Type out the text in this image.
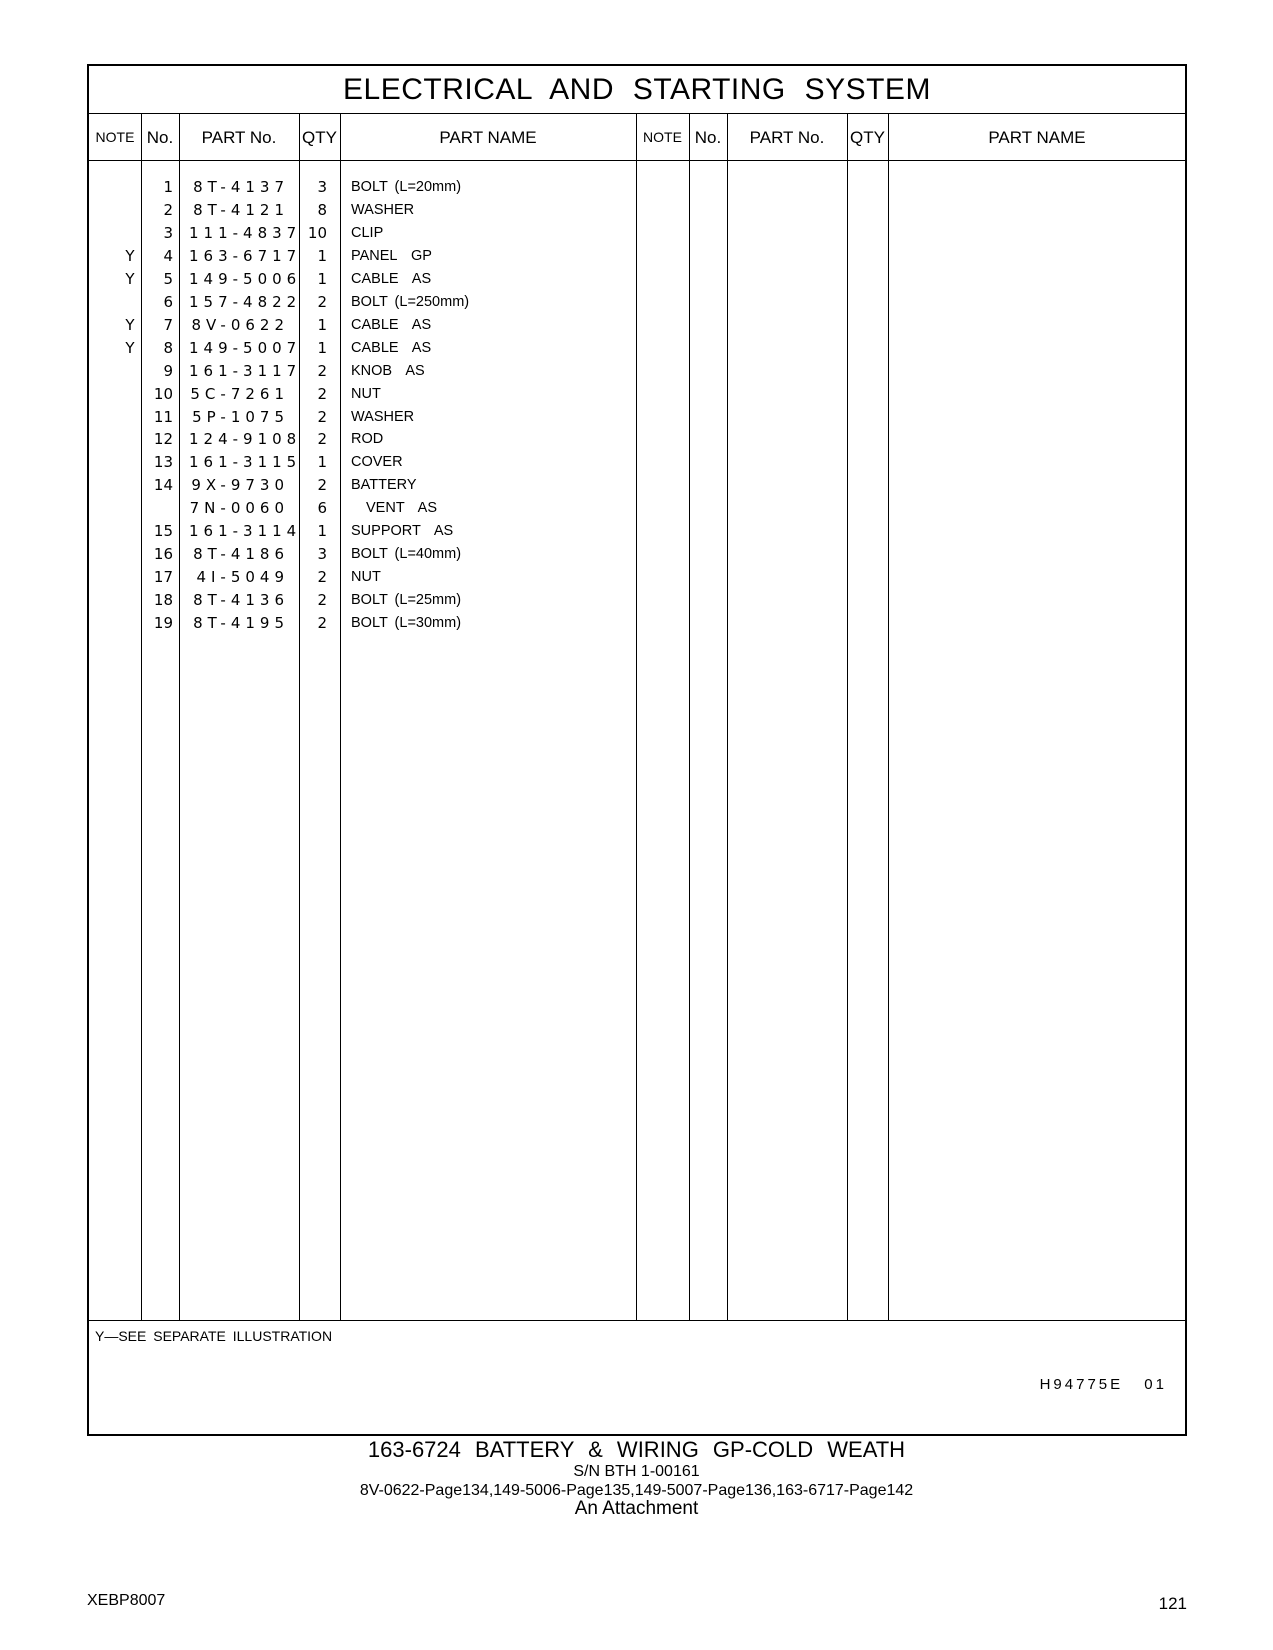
ELECTRICAL AND STARTING SYSTEM
NOTE No.	PART No.	QTY	PART NAME	NOTE No.	PART No.	QTY	PART NAME
1 8T-4137	3 BOLT (L=20mm)
2 8T-4121	8 WASHER
3 111-4837 10 CLIP
Y	4 163-6717	1 PANEL  GP
Y	5 149-5006	1 CABLE  AS
6 157-4822	2 BOLT (L=250mm)
Y	7 8V-0622	1 CABLE  AS
Y	8 149-5007	1 CABLE  AS
9 161-3117	2 KNOB  AS
10 5C-7261	2 NUT
11 5P-1075	2 WASHER
12 124-9108	2 ROD
13 161-3115	1 COVER
14 9X-9730	2 BATTERY
7N-0060	6	VENT  AS
15 161-3114	1 SUPPORT  AS
16 8T-4186	3 BOLT (L=40mm)
17	4I-5049	2 NUT
18 8T-4136	2 BOLT (L=25mm)
19 8T-4195	2 BOLT (L=30mm)
Y—SEE SEPARATE ILLUSTRATION
H94775E 01
163-6724 BATTERY & WIRING GP-COLD WEATH
S/N BTH 1-00161
8V-0622-Page134,149-5006-Page135,149-5007-Page136,163-6717-Page142
An Attachment
XEBP8007	121
